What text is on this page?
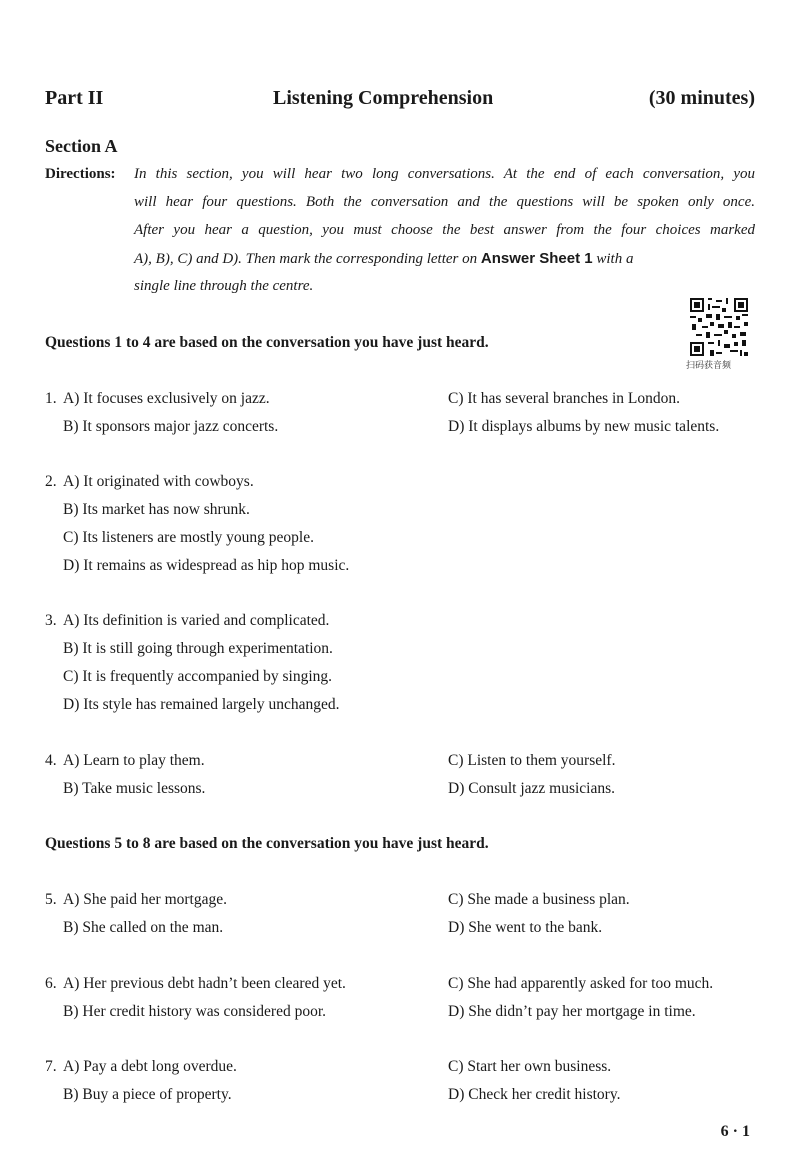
Part II	Listening Comprehension	(30 minutes)
Section A
Directions: In this section, you will hear two long conversations. At the end of each conversation, you
will hear four questions. Both the conversation and the questions will be spoken only once.
After you hear a question, you must choose the best answer from the four choices marked
A), B), C) and D). Then mark the corresponding letter on Answer Sheet 1 with a
single line through the centre.
扫码获音频
Questions 1 to 4 are based on the conversation you have just heard.
1. A) It focuses exclusively on jazz.
B) It sponsors major jazz concerts.
C) It has several branches in London.
D) It displays albums by new music talents.
2. A) It originated with cowboys.
B) Its market has now shrunk.
C) Its listeners are mostly young people.
D) It remains as widespread as hip hop music.
3. A) Its definition is varied and complicated.
B) It is still going through experimentation.
C) It is frequently accompanied by singing.
D) Its style has remained largely unchanged.
4. A) Learn to play them.
B) Take music lessons.
C) Listen to them yourself.
D) Consult jazz musicians.
Questions 5 to 8 are based on the conversation you have just heard.
5. A) She paid her mortgage.
B) She called on the man.
C) She made a business plan.
D) She went to the bank.
6. A) Her previous debt hadn’t been cleared yet.
B) Her credit history was considered poor.
C) She had apparently asked for too much.
D) She didn’t pay her mortgage in time.
7. A) Pay a debt long overdue.
B) Buy a piece of property.
C) Start her own business.
D) Check her credit history.
6 · 1
